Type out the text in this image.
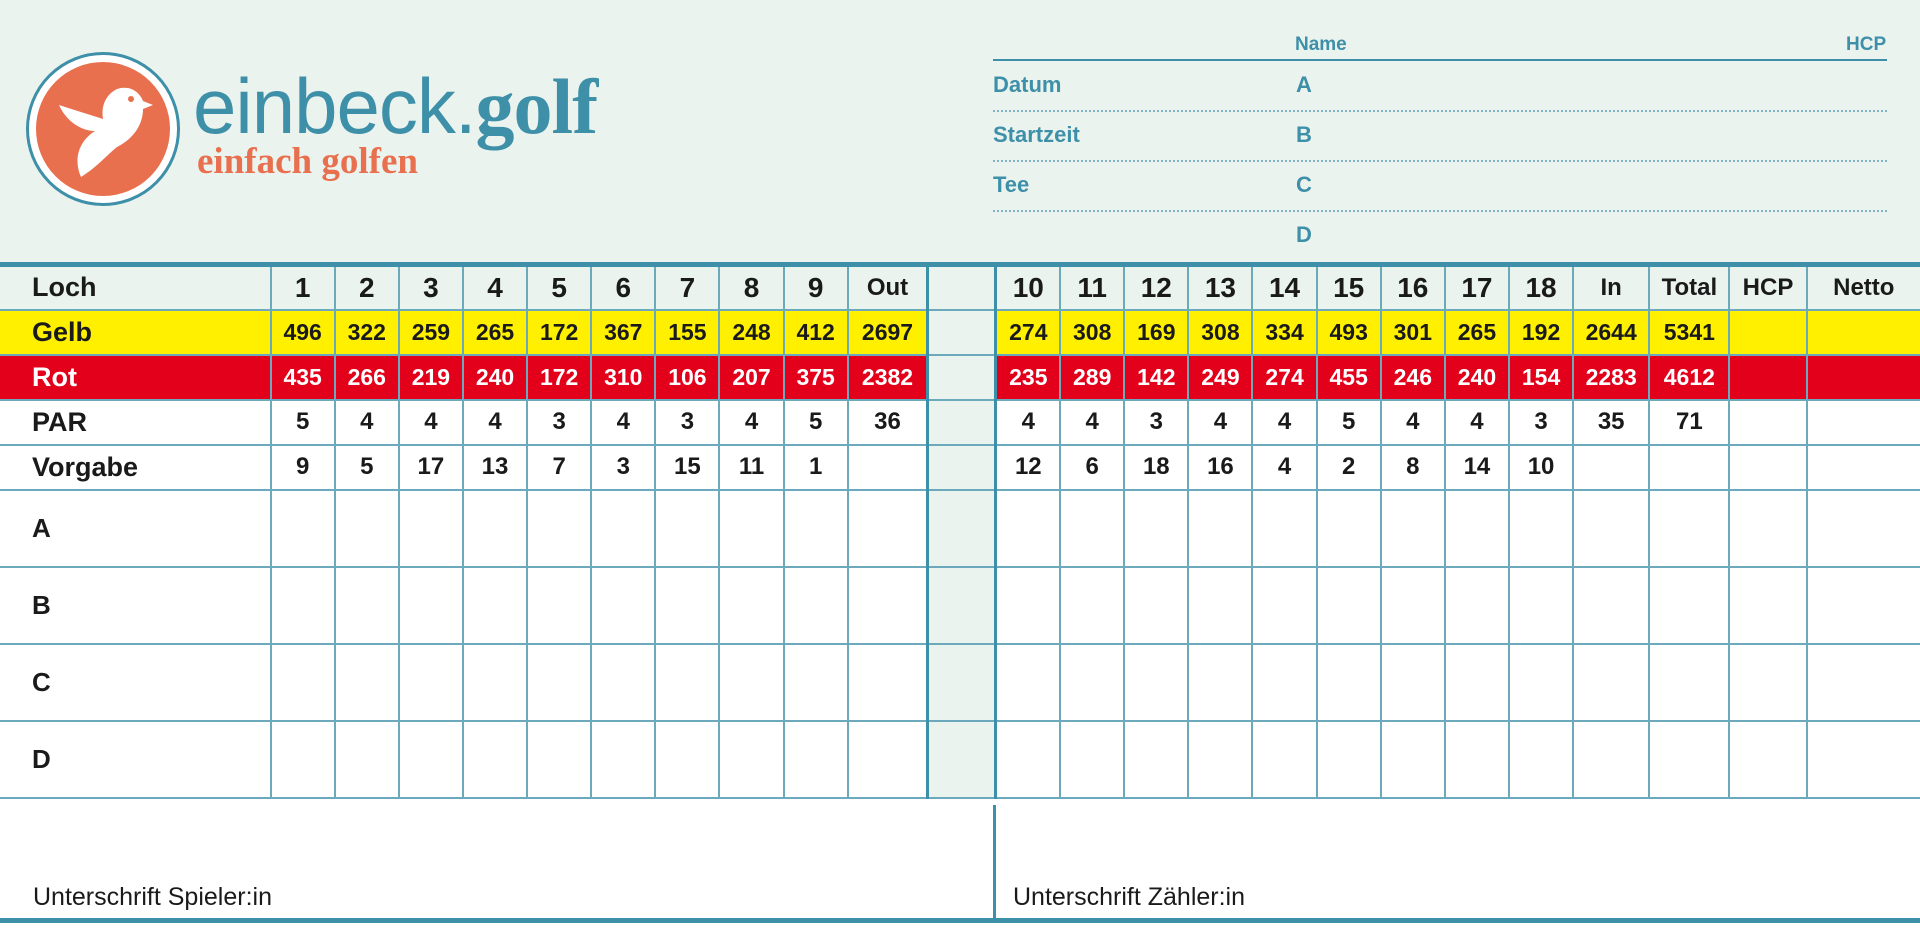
einbeck.golf
einfach golfen
Name	HCP
Datum	A
Startzeit	B
Tee	C
D
Loch	1	2	3	4	5	6	7	8	9	Out		10	11	12	13	14	15	16	17	18	In	Total	HCP	Netto
Gelb	496	322	259	265	172	367	155	248	412	2697		274	308	169	308	334	493	301	265	192	2644	5341		
Rot	435	266	219	240	172	310	106	207	375	2382		235	289	142	249	274	455	246	240	154	2283	4612		
PAR	5	4	4	4	3	4	3	4	5	36		4	4	3	4	4	5	4	4	3	35	71		
Vorgabe	9	5	17	13	7	3	15	11	1			12	6	18	16	4	2	8	14	10				
A																								
B																								
C																								
D																								
Unterschrift Spieler:in	Unterschrift Zähler:in
